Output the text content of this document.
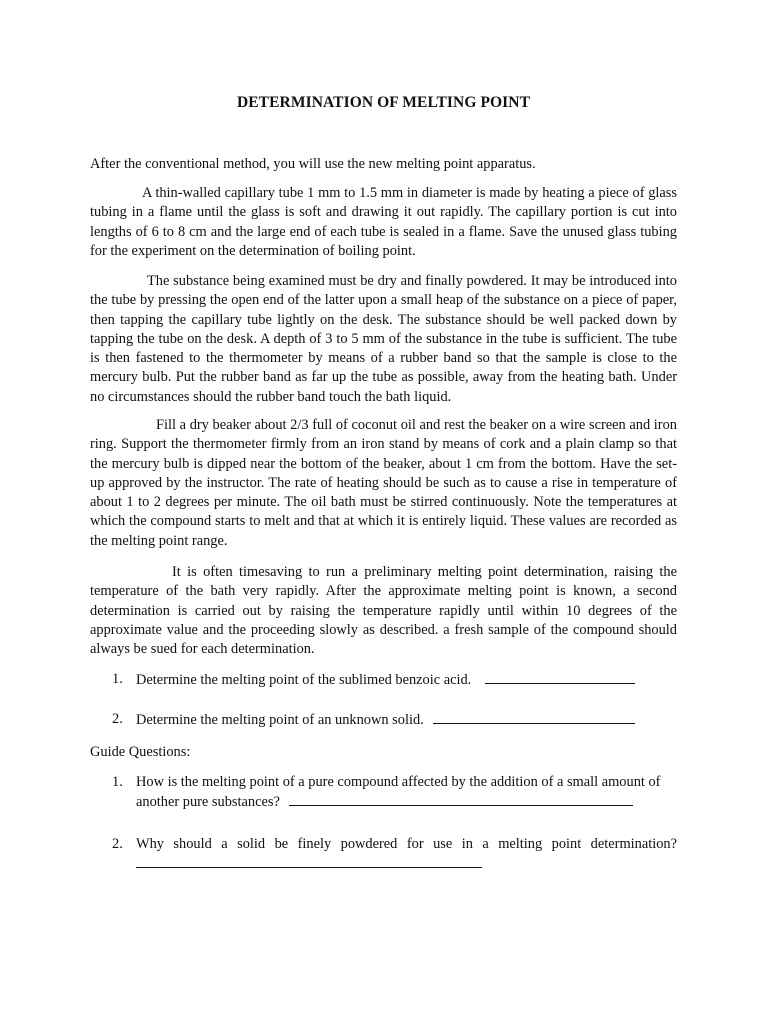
DETERMINATION OF MELTING POINT

After the conventional method, you will use the new melting point apparatus.

A thin-walled capillary tube 1 mm to 1.5 mm in diameter is made by heating a piece of glass tubing in a flame until the glass is soft and drawing it out rapidly. The capillary portion is cut into lengths of 6 to 8 cm and the large end of each tube is sealed in a flame. Save the unused glass tubing for the experiment on the determination of boiling point.

The substance being examined must be dry and finally powdered. It may be introduced into the tube by pressing the open end of the latter upon a small heap of the substance on a piece of paper, then tapping the capillary tube lightly on the desk. The substance should be well packed down by tapping the tube on the desk. A depth of 3 to 5 mm of the substance in the tube is sufficient. The tube is then fastened to the thermometer by means of a rubber band so that the sample is close to the mercury bulb. Put the rubber band as far up the tube as possible, away from the heating bath. Under no circumstances should the rubber band touch the bath liquid.

Fill a dry beaker about 2/3 full of coconut oil and rest the beaker on a wire screen and iron ring. Support the thermometer firmly from an iron stand by means of cork and a plain clamp so that the mercury bulb is dipped near the bottom of the beaker, about 1 cm from the bottom. Have the set-up approved by the instructor. The rate of heating should be such as to cause a rise in temperature of about 1 to 2 degrees per minute. The oil bath must be stirred continuously. Note the temperatures at which the compound starts to melt and that at which it is entirely liquid. These values are recorded as the melting point range.

It is often timesaving to run a preliminary melting point determination, raising the temperature of the bath very rapidly. After the approximate melting point is known, a second determination is carried out by raising the temperature rapidly until within 10 degrees of the approximate value and the proceeding slowly as described. a fresh sample of the compound should always be sued for each determination.

1. Determine the melting point of the sublimed benzoic acid.
2. Determine the melting point of an unknown solid.
Guide Questions:
1. How is the melting point of a pure compound affected by the addition of a small amount of another pure substances?
2. Why should a solid be finely powdered for use in a melting point determination?
